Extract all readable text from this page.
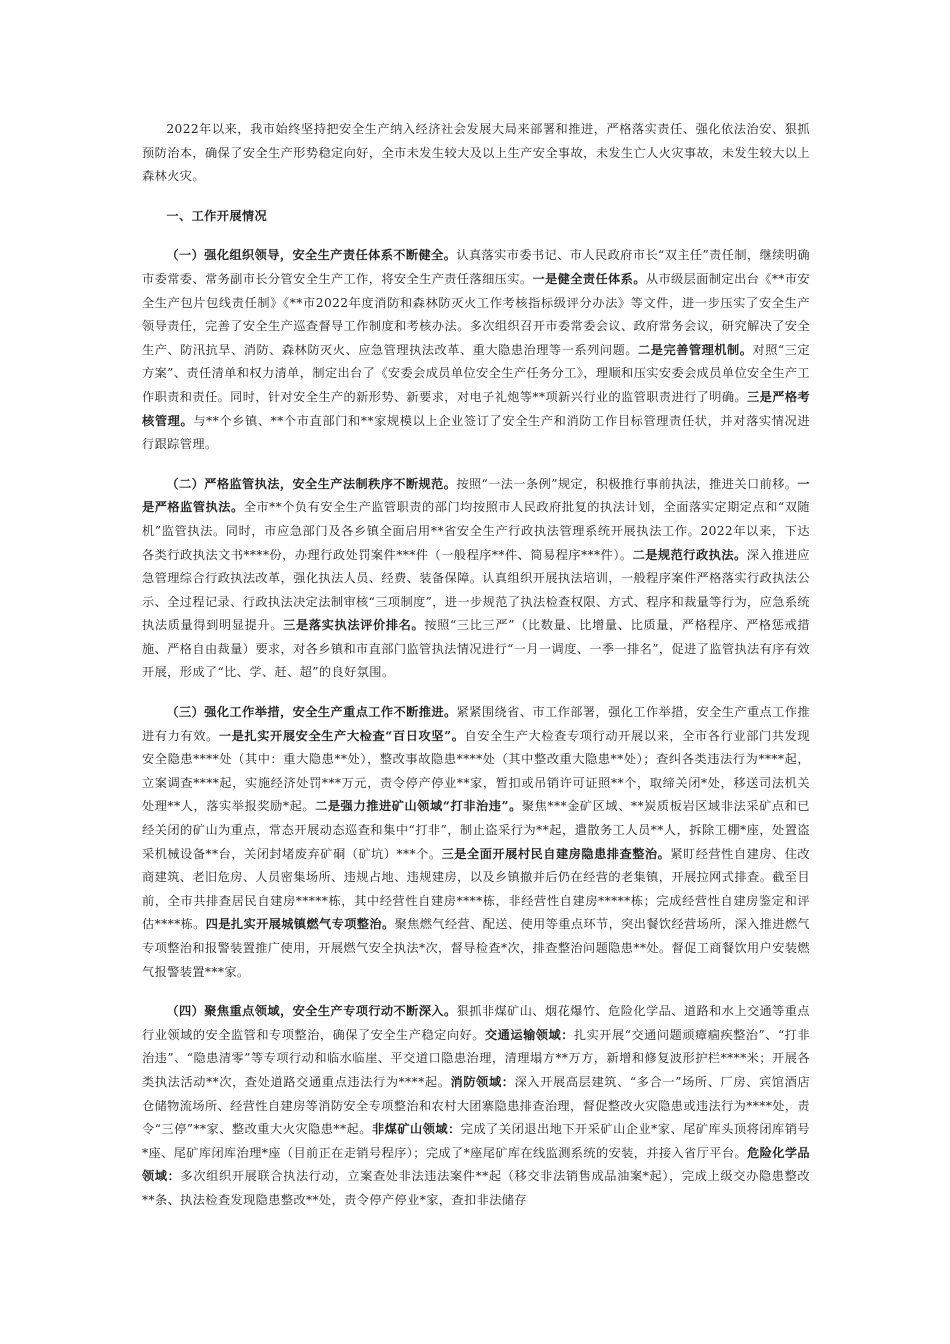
2022年以来，我市始终坚持把安全生产纳入经济社会发展大局来部署和推进，严格落实责任、强化依法治安、狠抓预防治本，确保了安全生产形势稳定向好，全市未发生较大及以上生产安全事故，未发生亡人火灾事故，未发生较大以上森林火灾。

一、工作开展情况

（一）强化组织领导，安全生产责任体系不断健全。认真落实市委书记、市人民政府市长“双主任”责任制，继续明确市委常委、常务副市长分管安全生产工作，将安全生产责任落细压实。一是健全责任体系。从市级层面制定出台《**市安全生产包片包线责任制》《**市2022年度消防和森林防灭火工作考核指标级评分办法》等文件，进一步压实了安全生产领导责任，完善了安全生产巡查督导工作制度和考核办法。多次组织召开市委常委会议、政府常务会议，研究解决了安全生产、防汛抗旱、消防、森林防灭火、应急管理执法改革、重大隐患治理等一系列问题。二是完善管理机制。对照“三定方案”、责任清单和权力清单，制定出台了《安委会成员单位安全生产任务分工》，理顺和压实安委会成员单位安全生产工作职责和责任。同时，针对安全生产的新形势、新要求，对电子礼炮等**项新兴行业的监管职责进行了明确。三是严格考核管理。与**个乡镇、**个市直部门和**家规模以上企业签订了安全生产和消防工作目标管理责任状，并对落实情况进行跟踪管理。

（二）严格监管执法，安全生产法制秩序不断规范。按照“一法一条例”规定，积极推行事前执法，推进关口前移。一是严格监管执法。全市**个负有安全生产监管职责的部门均按照市人民政府批复的执法计划，全面落实定期定点和“双随机”监管执法。同时，市应急部门及各乡镇全面启用**省安全生产行政执法管理系统开展执法工作。2022年以来，下达各类行政执法文书****份，办理行政处罚案件***件（一般程序**件、简易程序***件）。二是规范行政执法。深入推进应急管理综合行政执法改革，强化执法人员、经费、装备保障。认真组织开展执法培训，一般程序案件严格落实行政执法公示、全过程记录、行政执法决定法制审核“三项制度”，进一步规范了执法检查权限、方式、程序和裁量等行为，应急系统执法质量得到明显提升。三是落实执法评价排名。按照“三比三严”（比数量、比增量、比质量，严格程序、严格惩戒措施、严格自由裁量）要求，对各乡镇和市直部门监管执法情况进行“一月一调度、一季一排名”，促进了监管执法有序有效开展，形成了“比、学、赶、超”的良好氛围。

（三）强化工作举措，安全生产重点工作不断推进。紧紧围绕省、市工作部署，强化工作举措，安全生产重点工作推进有力有效。一是扎实开展安全生产大检查“百日攻坚”。自安全生产大检查专项行动开展以来，全市各行业部门共发现安全隐患****处（其中：重大隐患**处），整改事故隐患****处（其中整改重大隐患**处）；查纠各类违法行为****起，立案调查****起，实施经济处罚***万元，责令停产停业**家，暂扣或吊销许可证照**个，取缔关闭*处，移送司法机关处理**人，落实举报奖励*起。二是强力推进矿山领域“打非治违”。聚焦***金矿区域、**炭质板岩区域非法采矿点和已经关闭的矿山为重点，常态开展动态巡查和集中“打非”，制止盗采行为**起，遣散务工人员**人，拆除工棚*座，处置盗采机械设备**台，关闭封堵废弃矿硐（矿坑）***个。三是全面开展村民自建房隐患排查整治。紧盯经营性自建房、住改商建筑、老旧危房、人员密集场所、违规占地、违规建房，以及乡镇撤并后仍在经营的老集镇，开展拉网式排查。截至目前，全市共排查居民自建房*****栋，其中经营性自建房****栋，非经营性自建房*****栋；完成经营性自建房鉴定和评估****栋。四是扎实开展城镇燃气专项整治。聚焦燃气经营、配送、使用等重点环节，突出餐饮经营场所，深入推进燃气专项整治和报警装置推广使用，开展燃气安全执法*次，督导检查*次，排查整治问题隐患**处。督促工商餐饮用户安装燃气报警装置***家。

（四）聚焦重点领域，安全生产专项行动不断深入。狠抓非煤矿山、烟花爆竹、危险化学品、道路和水上交通等重点行业领域的安全监管和专项整治，确保了安全生产稳定向好。交通运输领域：扎实开展“交通问题顽瘴痼疾整治”、“打非治违”、“隐患清零”等专项行动和临水临崖、平交道口隐患治理，清理塌方**万方，新增和修复波形护栏****米；开展各类执法活动**次，查处道路交通重点违法行为****起。消防领域：深入开展高层建筑、“多合一”场所、厂房、宾馆酒店仓储物流场所、经营性自建房等消防安全专项整治和农村大团寨隐患排查治理，督促整改火灾隐患或违法行为****处，责令“三停”**家、整改重大火灾隐患**起。非煤矿山领域：完成了关闭退出地下开采矿山企业*家、尾矿库头顶将闭库销号*座、尾矿库闭库治理*座（目前正在走销号程序）；完成了*座尾矿库在线监测系统的安装，并接入省厅平台。危险化学品领域：多次组织开展联合执法行动，立案查处非法违法案件**起（移交非法销售成品油案*起），完成上级交办隐患整改**条、执法检查发现隐患整改**处，责令停产停业*家，查扣非法储存
